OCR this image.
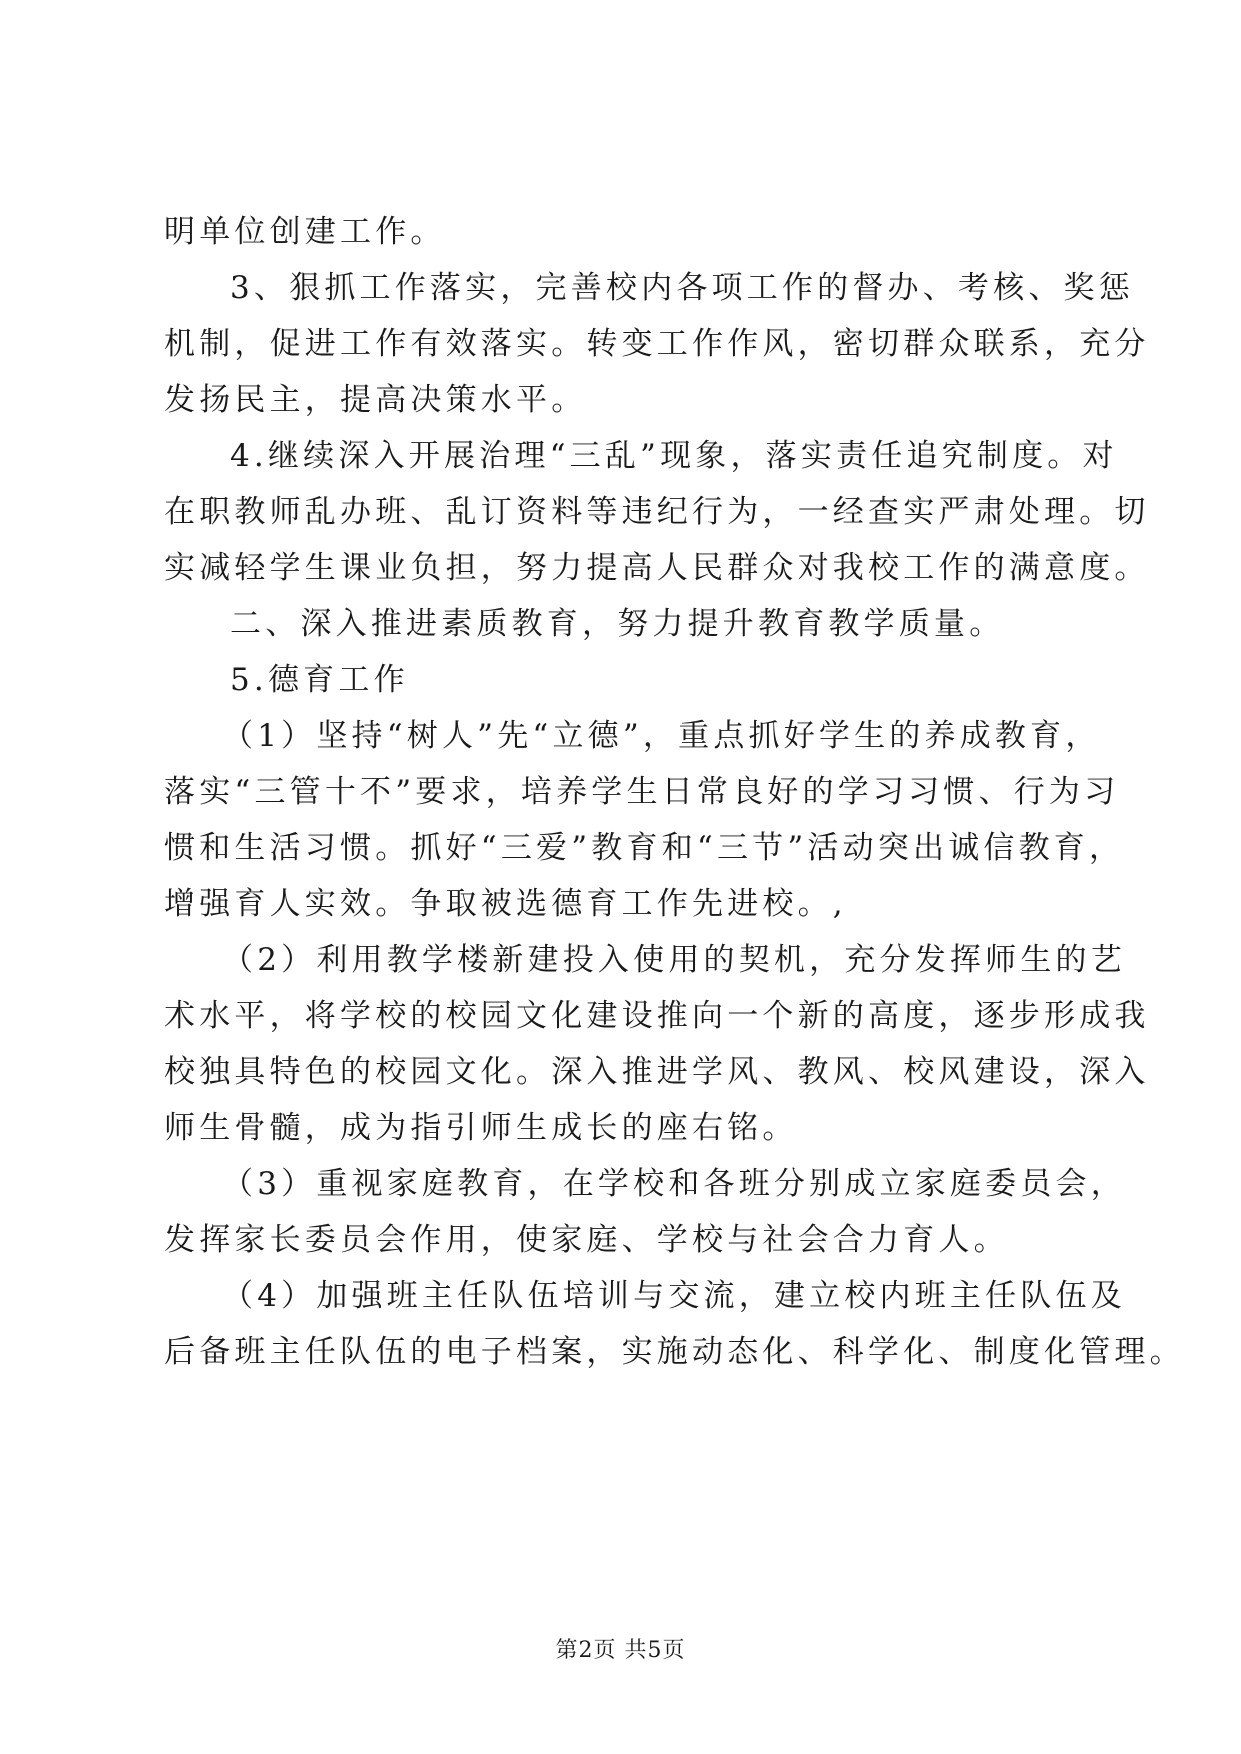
明单位创建工作。
3、狠抓工作落实，完善校内各项工作的督办、考核、奖惩
机制，促进工作有效落实。转变工作作风，密切群众联系，充分
发扬民主，提高决策水平。
4.继续深入开展治理“三乱”现象，落实责任追究制度。对
在职教师乱办班、乱订资料等违纪行为，一经查实严肃处理。切
实减轻学生课业负担，努力提高人民群众对我校工作的满意度。
二、深入推进素质教育，努力提升教育教学质量。
5.德育工作
（1）坚持“树人”先“立德”，重点抓好学生的养成教育，
落实“三管十不”要求，培养学生日常良好的学习习惯、行为习
惯和生活习惯。抓好“三爱”教育和“三节”活动突出诚信教育，
增强育人实效。争取被选德育工作先进校。,
（2）利用教学楼新建投入使用的契机，充分发挥师生的艺
术水平，将学校的校园文化建设推向一个新的高度，逐步形成我
校独具特色的校园文化。深入推进学风、教风、校风建设，深入
师生骨髓，成为指引师生成长的座右铭。
（3）重视家庭教育，在学校和各班分别成立家庭委员会，
发挥家长委员会作用，使家庭、学校与社会合力育人。
（4）加强班主任队伍培训与交流，建立校内班主任队伍及
后备班主任队伍的电子档案，实施动态化、科学化、制度化管理。
第2页 共5页
